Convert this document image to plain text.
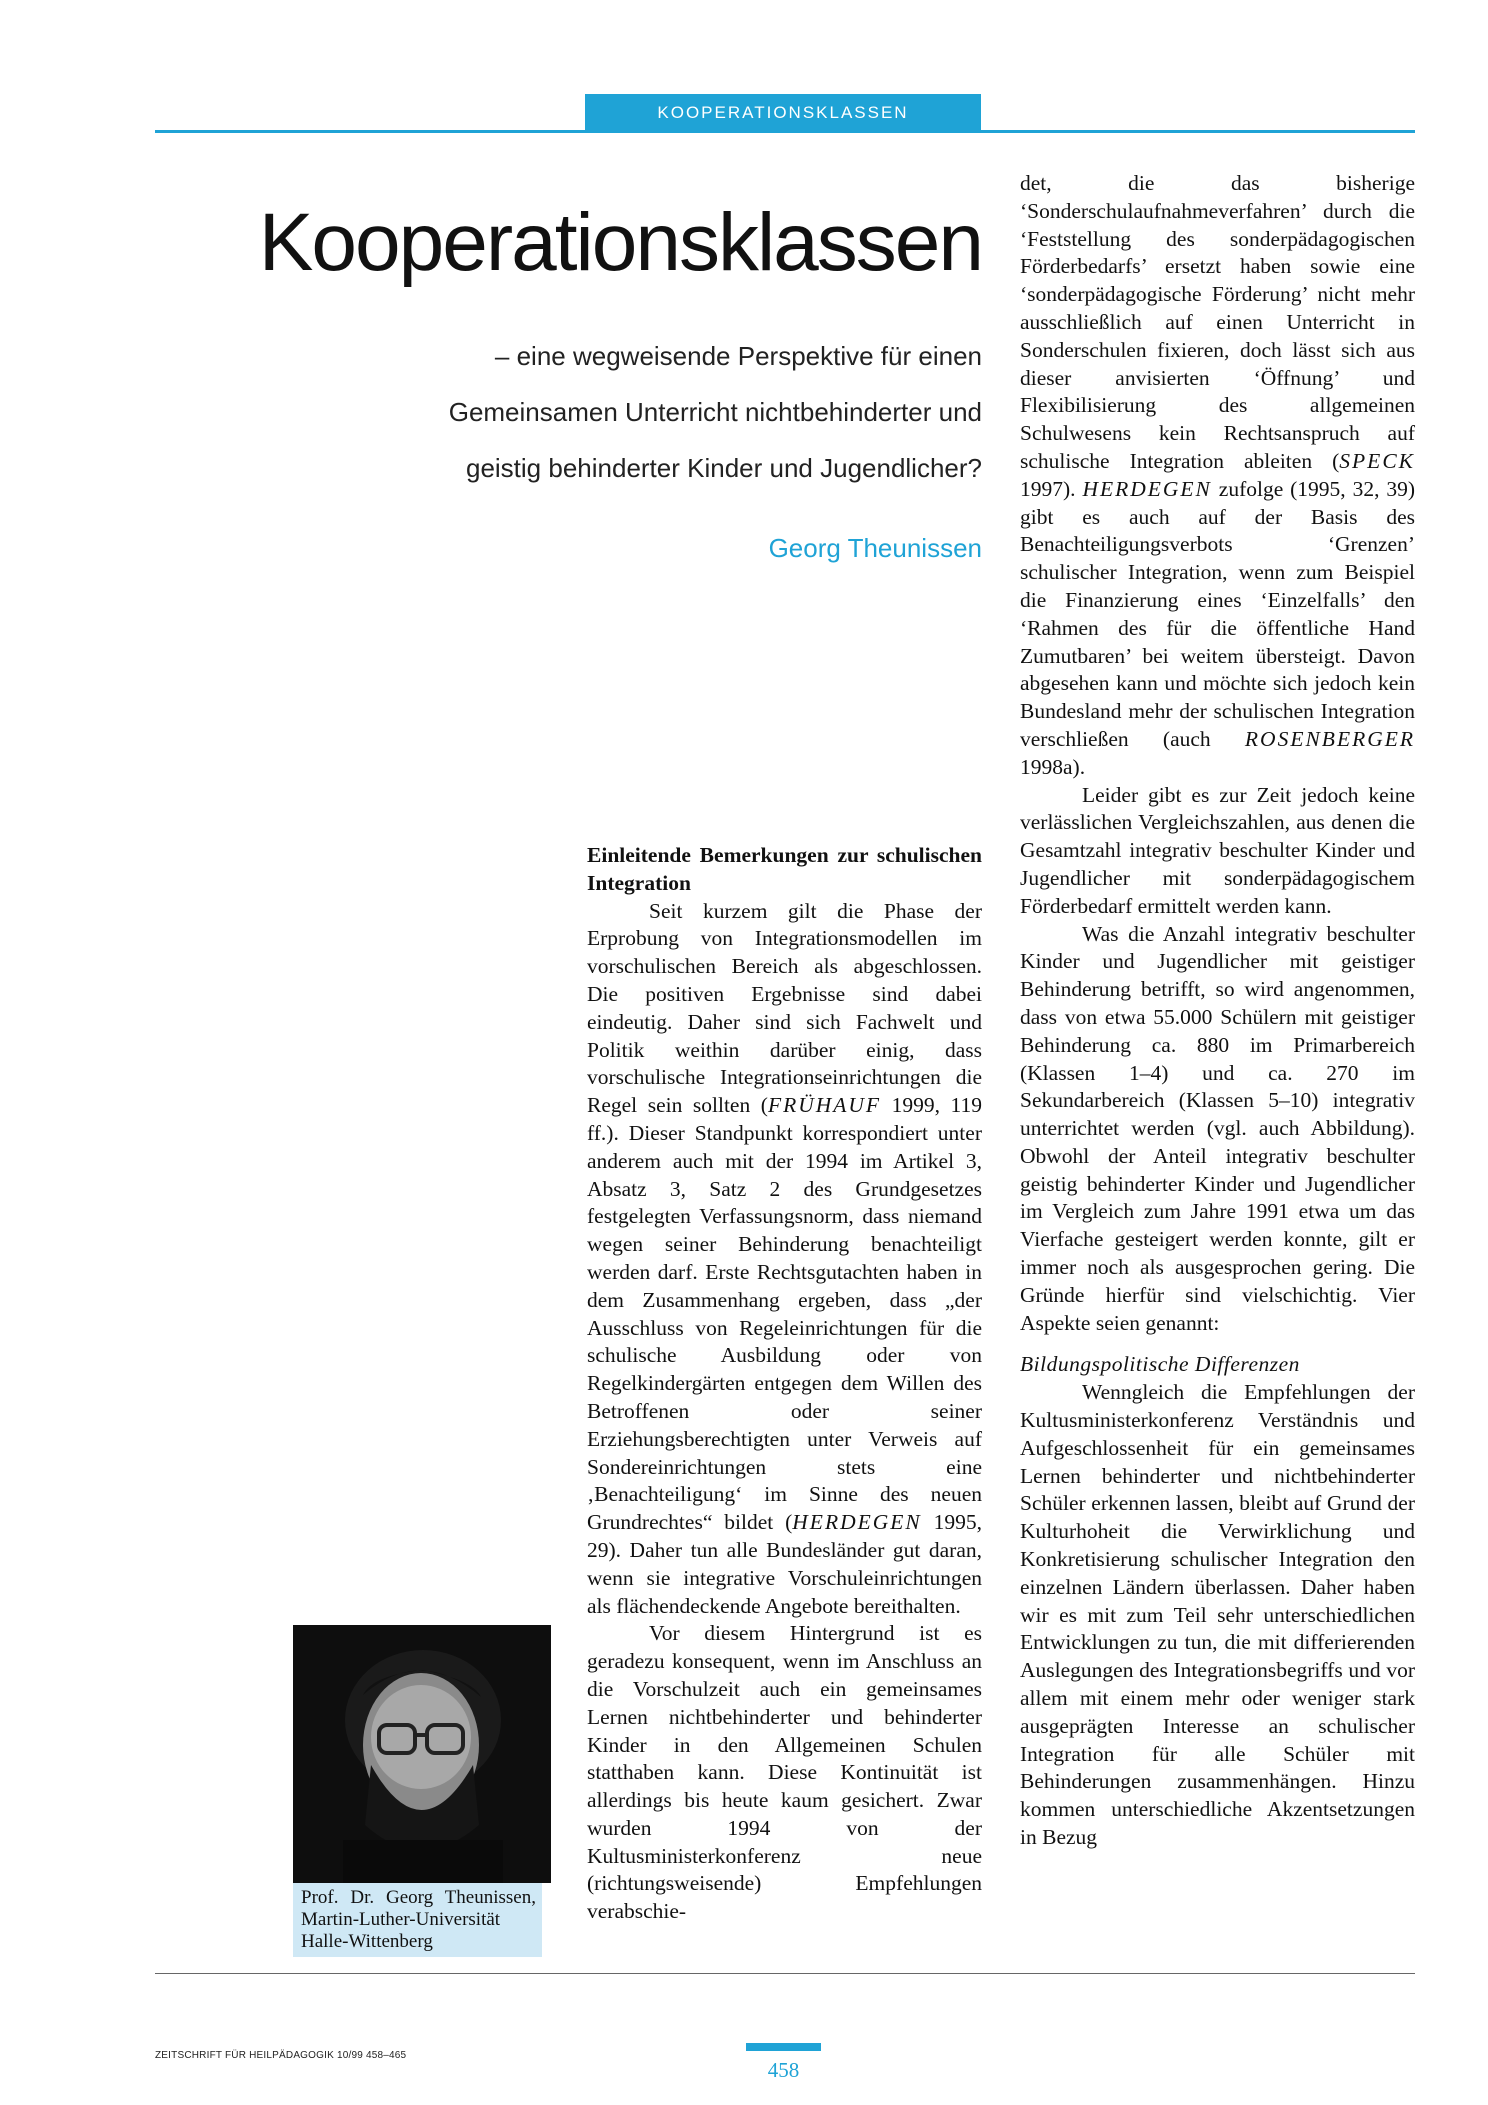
KOOPERATIONSKLASSEN
Kooperationsklassen
– eine wegweisende Perspektive für einen
Gemeinsamen Unterricht nichtbehinderter und
geistig behinderter Kinder und Jugendlicher?
Georg Theunissen

Einleitende Bemerkungen zur schulischen Integration

Seit kurzem gilt die Phase der Erprobung von Integrationsmodellen im vorschulischen Bereich als abgeschlossen. Die positiven Ergebnisse sind dabei eindeutig. Daher sind sich Fachwelt und Politik weithin darüber einig, dass vorschulische Integrationseinrichtungen die Regel sein sollten (FRÜHAUF 1999, 119 ff.). Dieser Standpunkt korrespondiert unter anderem auch mit der 1994 im Artikel 3, Absatz 3, Satz 2 des Grundgesetzes festgelegten Verfassungsnorm, dass niemand wegen seiner Behinderung benachteiligt werden darf. Erste Rechtsgutachten haben in dem Zusammenhang ergeben, dass „der Ausschluss von Regeleinrichtungen für die schulische Ausbildung oder von Regelkindergärten entgegen dem Willen des Betroffenen oder seiner Erziehungsberechtigten unter Verweis auf Sondereinrichtungen stets eine ‚Benachteiligung‘ im Sinne des neuen Grundrechtes“ bildet (HERDEGEN 1995, 29). Daher tun alle Bundesländer gut daran, wenn sie integrative Vorschuleinrichtungen als flächendeckende Angebote bereithalten.

Vor diesem Hintergrund ist es geradezu konsequent, wenn im Anschluss an die Vorschulzeit auch ein gemeinsames Lernen nichtbehinderter und behinderter Kinder in den Allgemeinen Schulen statthaben kann. Diese Kontinuität ist allerdings bis heute kaum gesichert. Zwar wurden 1994 von der Kultusministerkonferenz neue (richtungsweisende) Empfehlungen verabschie-

det, die das bisherige ‘Sonderschulaufnahmeverfahren’ durch die ‘Feststellung des sonderpädagogischen Förderbedarfs’ ersetzt haben sowie eine ‘sonderpädagogische Förderung’ nicht mehr ausschließlich auf einen Unterricht in Sonderschulen fixieren, doch lässt sich aus dieser anvisierten ‘Öffnung’ und Flexibilisierung des allgemeinen Schulwesens kein Rechtsanspruch auf schulische Integration ableiten (SPECK 1997). HERDEGEN zufolge (1995, 32, 39) gibt es auch auf der Basis des Benachteiligungsverbots ‘Grenzen’ schulischer Integration, wenn zum Beispiel die Finanzierung eines ‘Einzelfalls’ den ‘Rahmen des für die öffentliche Hand Zumutbaren’ bei weitem übersteigt. Davon abgesehen kann und möchte sich jedoch kein Bundesland mehr der schulischen Integration verschließen (auch ROSENBERGER 1998a).

Leider gibt es zur Zeit jedoch keine verlässlichen Vergleichszahlen, aus denen die Gesamtzahl integrativ beschulter Kinder und Jugendlicher mit sonderpädagogischem Förderbedarf ermittelt werden kann.

Was die Anzahl integrativ beschulter Kinder und Jugendlicher mit geistiger Behinderung betrifft, so wird angenommen, dass von etwa 55.000 Schülern mit geistiger Behinderung ca. 880 im Primarbereich (Klassen 1–4) und ca. 270 im Sekundarbereich (Klassen 5–10) integrativ unterrichtet werden (vgl. auch Abbildung). Obwohl der Anteil integrativ beschulter geistig behinderter Kinder und Jugendlicher im Vergleich zum Jahre 1991 etwa um das Vierfache gesteigert werden konnte, gilt er immer noch als ausgesprochen gering. Die Gründe hierfür sind vielschichtig. Vier Aspekte seien genannt:

Bildungspolitische Differenzen

Wenngleich die Empfehlungen der Kultusministerkonferenz Verständnis und Aufgeschlossenheit für ein gemeinsames Lernen behinderter und nichtbehinderter Schüler erkennen lassen, bleibt auf Grund der Kulturhoheit die Verwirklichung und Konkretisierung schulischer Integration den einzelnen Ländern überlassen. Daher haben wir es mit zum Teil sehr unterschiedlichen Entwicklungen zu tun, die mit differierenden Auslegungen des Integrationsbegriffs und vor allem mit einem mehr oder weniger stark ausgeprägten Interesse an schulischer Integration für alle Schüler mit Behinderungen zusammenhängen. Hinzu kommen unterschiedliche Akzentsetzungen in Bezug

Prof. Dr. Georg Theunissen, Martin-Luther-Universität Halle-Wittenberg
ZEITSCHRIFT FÜR HEILPÄDAGOGIK 10/99 458–465
458
